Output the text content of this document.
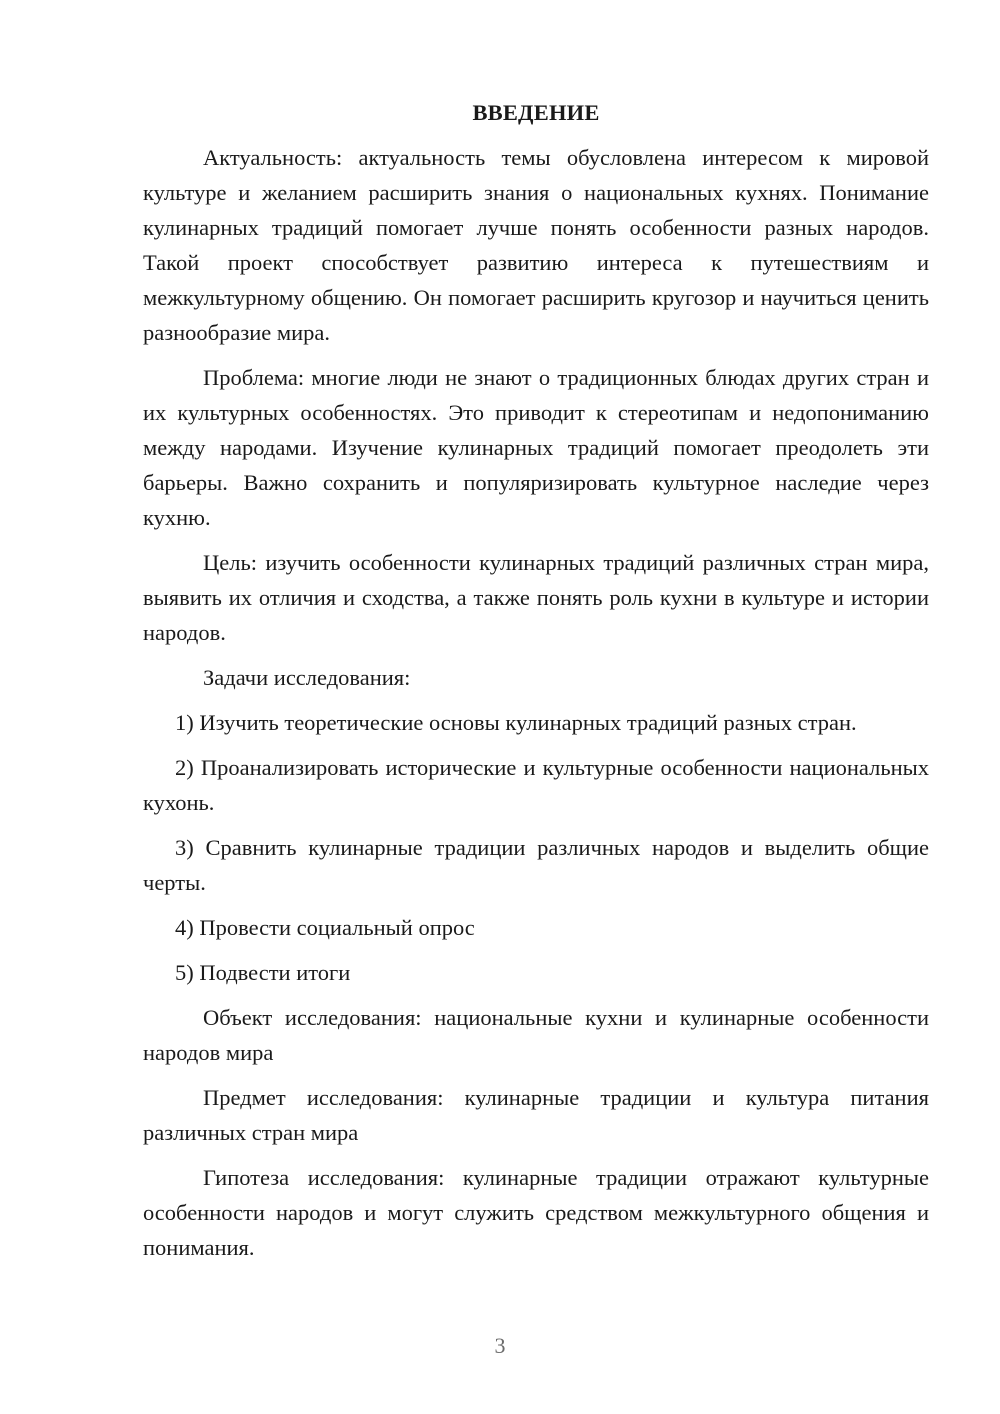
ВВЕДЕНИЕ

Актуальность: актуальность темы обусловлена интересом к мировой культуре и желанием расширить знания о национальных кухнях. Понимание кулинарных традиций помогает лучше понять особенности разных народов. Такой проект способствует развитию интереса к путешествиям и межкультурному общению. Он помогает расширить кругозор и научиться ценить разнообразие мира.

Проблема: многие люди не знают о традиционных блюдах других стран и их культурных особенностях. Это приводит к стереотипам и недопониманию между народами. Изучение кулинарных традиций помогает преодолеть эти барьеры. Важно сохранить и популяризировать культурное наследие через кухню.

Цель: изучить особенности кулинарных традиций различных стран мира, выявить их отличия и сходства, а также понять роль кухни в культуре и истории народов.

Задачи исследования:

1) Изучить теоретические основы кулинарных традиций разных стран.

2) Проанализировать исторические и культурные особенности национальных кухонь.

3) Сравнить кулинарные традиции различных народов и выделить общие черты.

4) Провести социальный опрос

5) Подвести итоги

Объект исследования: национальные кухни и кулинарные особенности народов мира

Предмет исследования: кулинарные традиции и культура питания различных стран мира

Гипотеза исследования: кулинарные традиции отражают культурные особенности народов и могут служить средством межкультурного общения и понимания.

3
